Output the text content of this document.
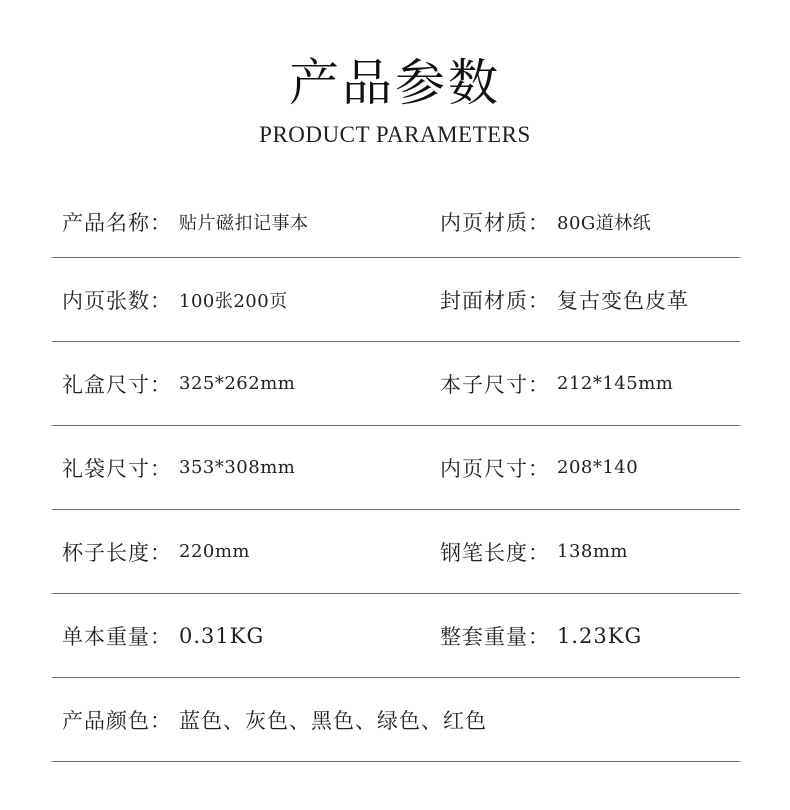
产品参数
PRODUCT PARAMETERS
产品名称 ： 贴片磁扣记事本	内页材质 ： 80G道林纸
内页张数 ： 100张200页	封面材质 ： 复古变色皮革
礼盒尺寸 ： 325*262mm	本子尺寸 ： 212*145mm
礼袋尺寸 ： 353*308mm	内页尺寸 ： 208*140
杯子长度 ： 220mm	钢笔长度 ： 138mm
单本重量 ： 0.31KG	整套重量 ： 1.23KG
产品颜色 ： 蓝色、灰色、黑色、绿色、红色
